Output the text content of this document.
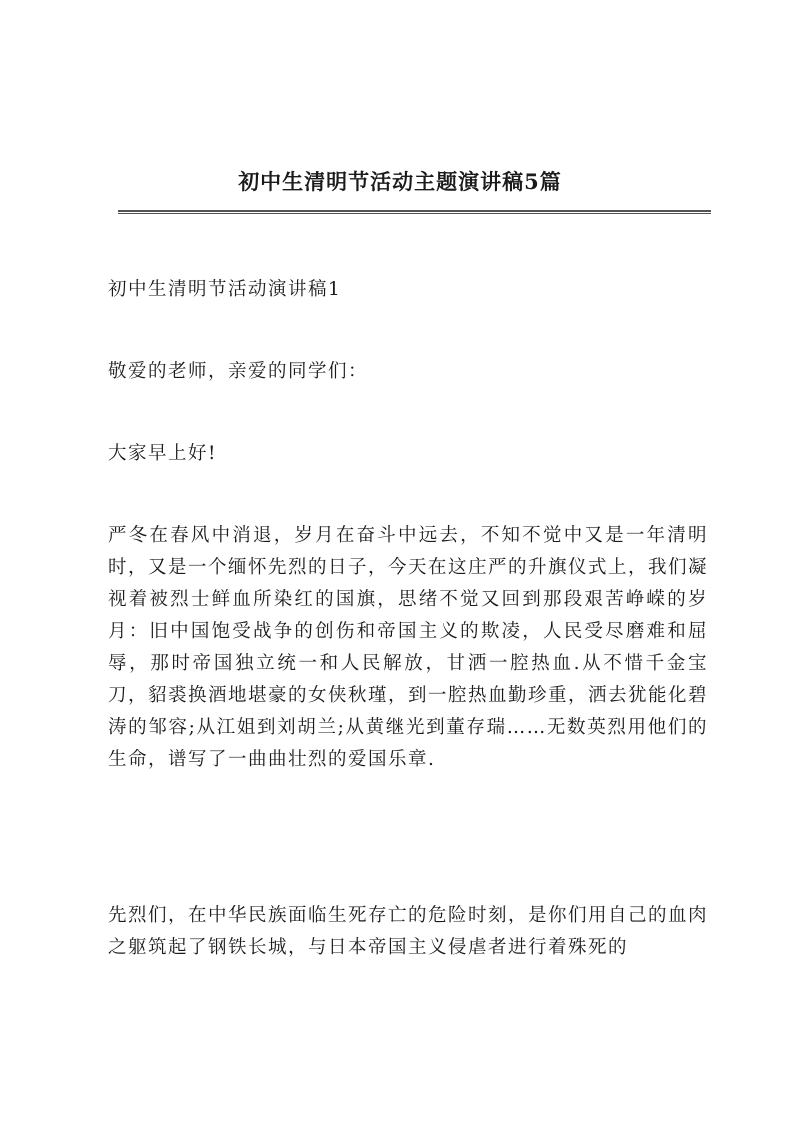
初中生清明节活动主题演讲稿5篇

初中生清明节活动演讲稿1

敬爱的老师，亲爱的同学们：

大家早上好!

严冬在春风中消退，岁月在奋斗中远去，不知不觉中又是一年清明时，又是一个缅怀先烈的日子，今天在这庄严的升旗仪式上，我们凝视着被烈士鲜血所染红的国旗，思绪不觉又回到那段艰苦峥嵘的岁月：旧中国饱受战争的创伤和帝国主义的欺凌，人民受尽磨难和屈辱，那时帝国独立统一和人民解放，甘洒一腔热血.从不惜千金宝刀，貂裘换酒地堪豪的女侠秋瑾，到一腔热血勤珍重，洒去犹能化碧涛的邹容;从江姐到刘胡兰;从黄继光到董存瑞……无数英烈用他们的生命，谱写了一曲曲壮烈的爱国乐章.

先烈们，在中华民族面临生死存亡的危险时刻，是你们用自己的血肉之躯筑起了钢铁长城，与日本帝国主义侵虐者进行着殊死的
